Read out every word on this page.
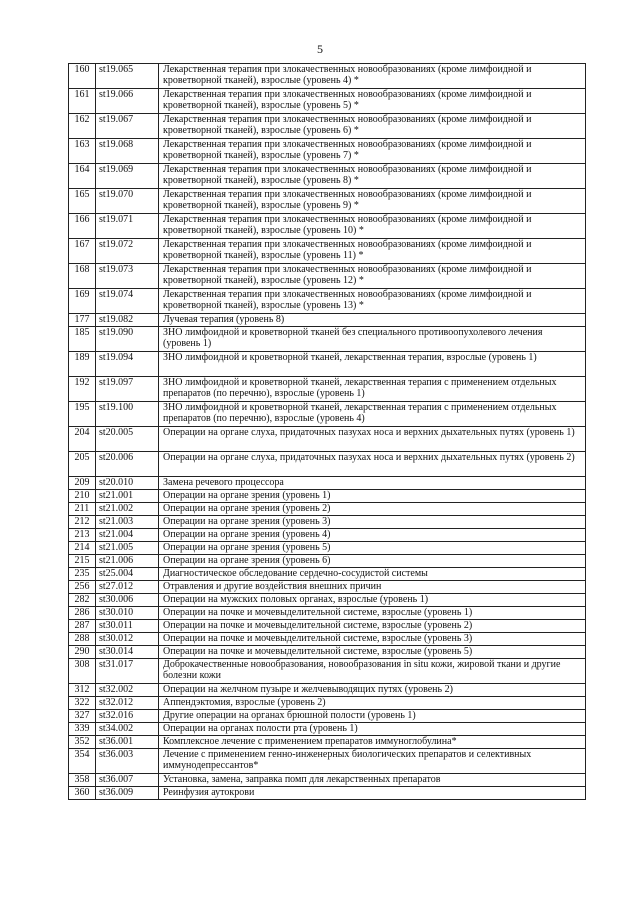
5
160	st19.065	Лекарственная терапия при злокачественных новообразованиях (кроме лимфоидной и кроветворной тканей), взрослые (уровень 4) *
161	st19.066	Лекарственная терапия при злокачественных новообразованиях (кроме лимфоидной и кроветворной тканей), взрослые (уровень 5) *
162	st19.067	Лекарственная терапия при злокачественных новообразованиях (кроме лимфоидной и кроветворной тканей), взрослые (уровень 6) *
163	st19.068	Лекарственная терапия при злокачественных новообразованиях (кроме лимфоидной и кроветворной тканей), взрослые (уровень 7) *
164	st19.069	Лекарственная терапия при злокачественных новообразованиях (кроме лимфоидной и кроветворной тканей), взрослые (уровень 8) *
165	st19.070	Лекарственная терапия при злокачественных новообразованиях (кроме лимфоидной и кроветворной тканей), взрослые (уровень 9) *
166	st19.071	Лекарственная терапия при злокачественных новообразованиях (кроме лимфоидной и кроветворной тканей), взрослые (уровень 10) *
167	st19.072	Лекарственная терапия при злокачественных новообразованиях (кроме лимфоидной и кроветворной тканей), взрослые (уровень 11) *
168	st19.073	Лекарственная терапия при злокачественных новообразованиях (кроме лимфоидной и кроветворной тканей), взрослые (уровень 12) *
169	st19.074	Лекарственная терапия при злокачественных новообразованиях (кроме лимфоидной и кроветворной тканей), взрослые (уровень 13) *
177	st19.082	Лучевая терапия (уровень 8)
185	st19.090	ЗНО лимфоидной и кроветворной тканей без специального противоопухолевого лечения (уровень 1)
189	st19.094	ЗНО лимфоидной и кроветворной тканей, лекарственная терапия, взрослые (уровень 1)
192	st19.097	ЗНО лимфоидной и кроветворной тканей, лекарственная терапия с применением отдельных препаратов (по перечню), взрослые (уровень 1)
195	st19.100	ЗНО лимфоидной и кроветворной тканей, лекарственная терапия с применением отдельных препаратов (по перечню), взрослые (уровень 4)
204	st20.005	Операции на органе слуха, придаточных пазухах носа и верхних дыхательных путях (уровень 1)
205	st20.006	Операции на органе слуха, придаточных пазухах носа и верхних дыхательных путях (уровень 2)
209	st20.010	Замена речевого процессора
210	st21.001	Операции на органе зрения (уровень 1)
211	st21.002	Операции на органе зрения (уровень 2)
212	st21.003	Операции на органе зрения (уровень 3)
213	st21.004	Операции на органе зрения (уровень 4)
214	st21.005	Операции на органе зрения (уровень 5)
215	st21.006	Операции на органе зрения (уровень 6)
235	st25.004	Диагностическое обследование сердечно-сосудистой системы
256	st27.012	Отравления и другие воздействия внешних причин
282	st30.006	Операции на мужских половых органах, взрослые (уровень 1)
286	st30.010	Операции на почке и мочевыделительной системе, взрослые (уровень 1)
287	st30.011	Операции на почке и мочевыделительной системе, взрослые (уровень 2)
288	st30.012	Операции на почке и мочевыделительной системе, взрослые (уровень 3)
290	st30.014	Операции на почке и мочевыделительной системе, взрослые (уровень 5)
308	st31.017	Доброкачественные новообразования, новообразования in situ кожи, жировой ткани и другие болезни кожи
312	st32.002	Операции на желчном пузыре и желчевыводящих путях (уровень 2)
322	st32.012	Аппендэктомия, взрослые (уровень 2)
327	st32.016	Другие операции на органах брюшной полости (уровень 1)
339	st34.002	Операции на органах полости рта (уровень 1)
352	st36.001	Комплексное лечение с применением препаратов иммуноглобулина*
354	st36.003	Лечение с применением генно-инженерных биологических препаратов и селективных иммунодепрессантов*
358	st36.007	Установка, замена, заправка помп для лекарственных препаратов
360	st36.009	Реинфузия аутокрови
